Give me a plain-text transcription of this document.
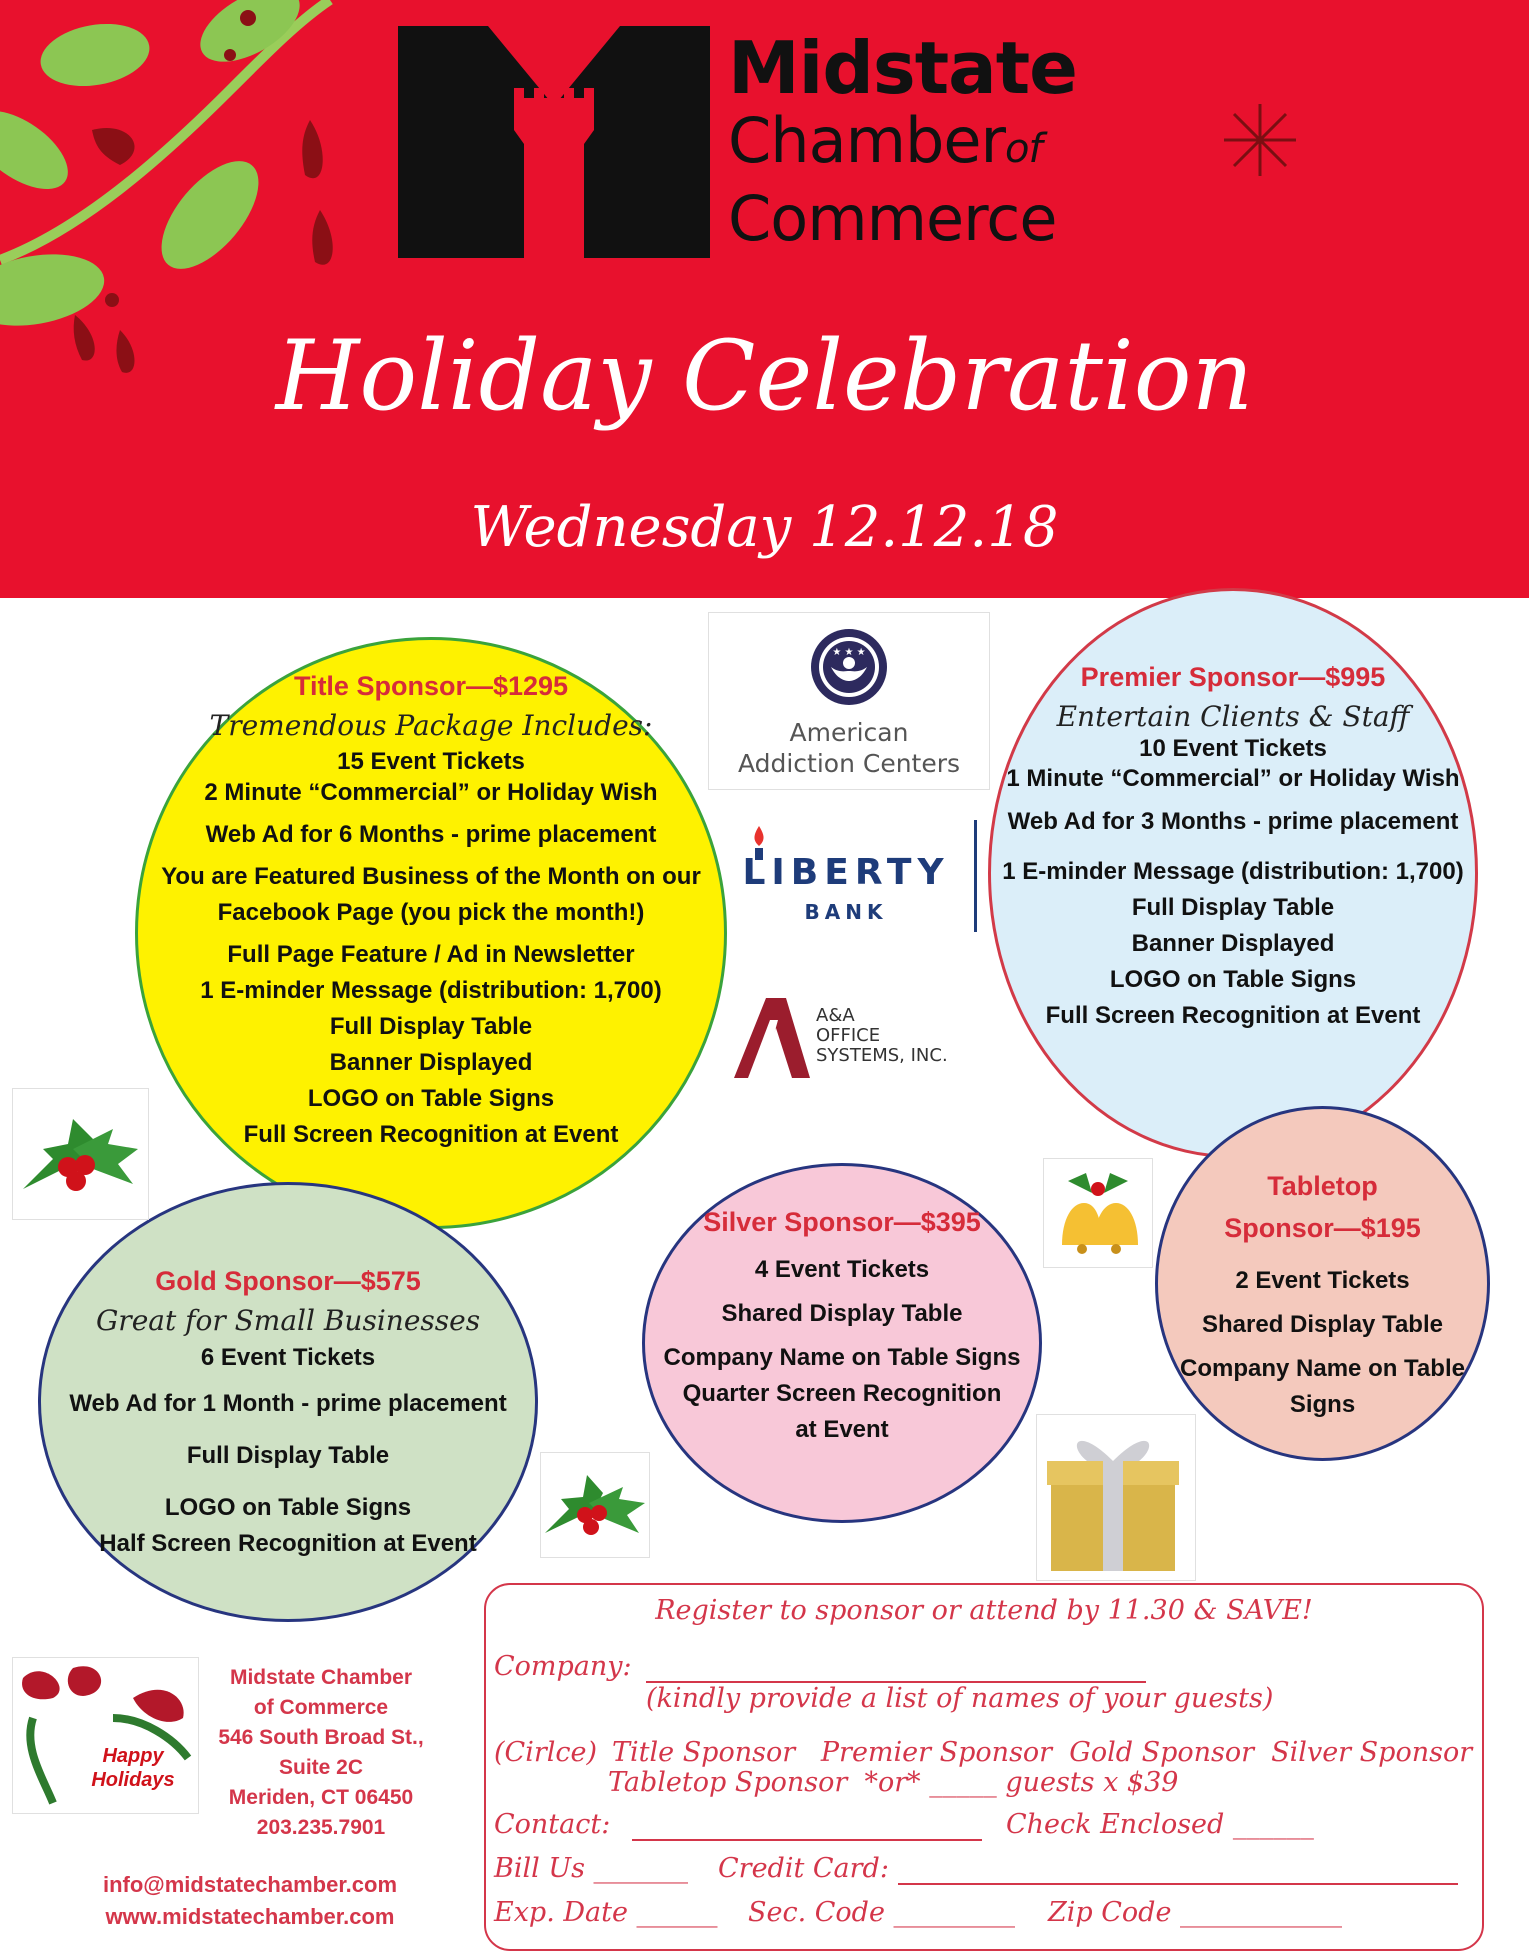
Midstate
Chamberof
Commerce
Holiday Celebration
Wednesday 12.12.18
Title Sponsor—$1295
Tremendous Package Includes:
15 Event Tickets
2 Minute “Commercial” or Holiday Wish
Web Ad for 6 Months - prime placement
You are Featured Business of the Month on our
Facebook Page (you pick the month!)
Full Page Feature / Ad in Newsletter
1 E-minder Message (distribution: 1,700)
Full Display Table
Banner Displayed
LOGO on Table Signs
Full Screen Recognition at Event
Premier Sponsor—$995
Entertain Clients & Staff
10 Event Tickets
1 Minute “Commercial” or Holiday Wish
Web Ad for 3 Months - prime placement
1 E-minder Message (distribution: 1,700)
Full Display Table
Banner Displayed
LOGO on Table Signs
Full Screen Recognition at Event
Gold Sponsor—$575
Great for Small Businesses
6 Event Tickets
Web Ad for 1 Month - prime placement
Full Display Table
LOGO on Table Signs
Half Screen Recognition at Event
Silver Sponsor—$395
4 Event Tickets
Shared Display Table
Company Name on Table Signs
Quarter Screen Recognition
at Event
Tabletop
Sponsor—$195
2 Event Tickets
Shared Display Table
Company Name on Table
Signs
★ ★ ★
American
Addiction Centers
LIBERTY
BANK
A&A
OFFICE
SYSTEMS, INC.
Happy
Holidays
Midstate Chamber
of Commerce
546 South Broad St.,
Suite 2C
Meriden, CT 06450
203.235.7901
info@midstatechamber.com
www.midstatechamber.com
Register to sponsor or attend by 11.30 & SAVE!
Company:
(kindly provide a list of names of your guests)
(Cirlce) Title Sponsor   Premier Sponsor  Gold Sponsor  Silver Sponsor
Tabletop Sponsor  *or* _____ guests x $39
Contact:	Check Enclosed ______
Bill Us _______ Credit Card:
Exp. Date ______ Sec. Code _________ Zip Code ____________
